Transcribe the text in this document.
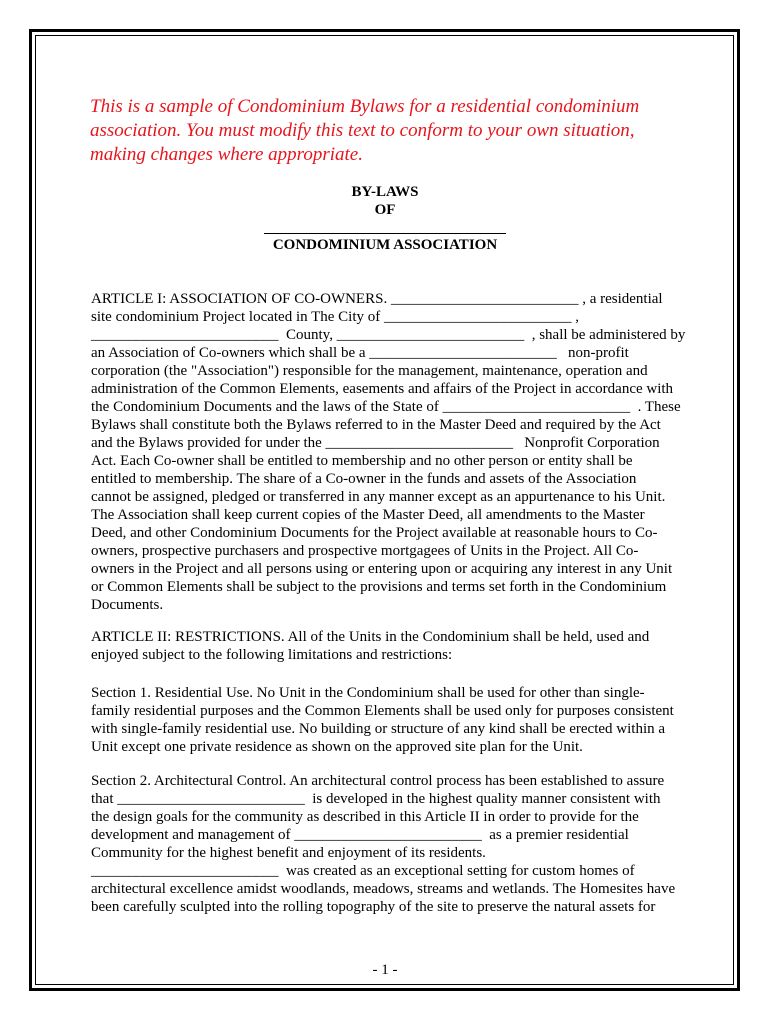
This is a sample of Condominium Bylaws for a residential condominium
association. You must modify this text to conform to your own situation,
making changes where appropriate.
BY-LAWS
OF
CONDOMINIUM ASSOCIATION
ARTICLE I: ASSOCIATION OF CO-OWNERS. _________________________ , a residential
site condominium Project located in The City of _________________________ ,
_________________________  County, _________________________  , shall be administered by
an Association of Co-owners which shall be a _________________________   non-profit
corporation (the "Association") responsible for the management, maintenance, operation and
administration of the Common Elements, easements and affairs of the Project in accordance with
the Condominium Documents and the laws of the State of _________________________  . These
Bylaws shall constitute both the Bylaws referred to in the Master Deed and required by the Act
and the Bylaws provided for under the _________________________   Nonprofit Corporation
Act. Each Co-owner shall be entitled to membership and no other person or entity shall be
entitled to membership. The share of a Co-owner in the funds and assets of the Association
cannot be assigned, pledged or transferred in any manner except as an appurtenance to his Unit.
The Association shall keep current copies of the Master Deed, all amendments to the Master
Deed, and other Condominium Documents for the Project available at reasonable hours to Co-
owners, prospective purchasers and prospective mortgagees of Units in the Project. All Co-
owners in the Project and all persons using or entering upon or acquiring any interest in any Unit
or Common Elements shall be subject to the provisions and terms set forth in the Condominium
Documents.
ARTICLE II: RESTRICTIONS. All of the Units in the Condominium shall be held, used and
enjoyed subject to the following limitations and restrictions:
Section 1. Residential Use. No Unit in the Condominium shall be used for other than single-
family residential purposes and the Common Elements shall be used only for purposes consistent
with single-family residential use. No building or structure of any kind shall be erected within a
Unit except one private residence as shown on the approved site plan for the Unit.
Section 2. Architectural Control. An architectural control process has been established to assure
that _________________________  is developed in the highest quality manner consistent with
the design goals for the community as described in this Article II in order to provide for the
development and management of _________________________  as a premier residential
Community for the highest benefit and enjoyment of its residents.
_________________________  was created as an exceptional setting for custom homes of
architectural excellence amidst woodlands, meadows, streams and wetlands. The Homesites have
been carefully sculpted into the rolling topography of the site to preserve the natural assets for
- 1 -
